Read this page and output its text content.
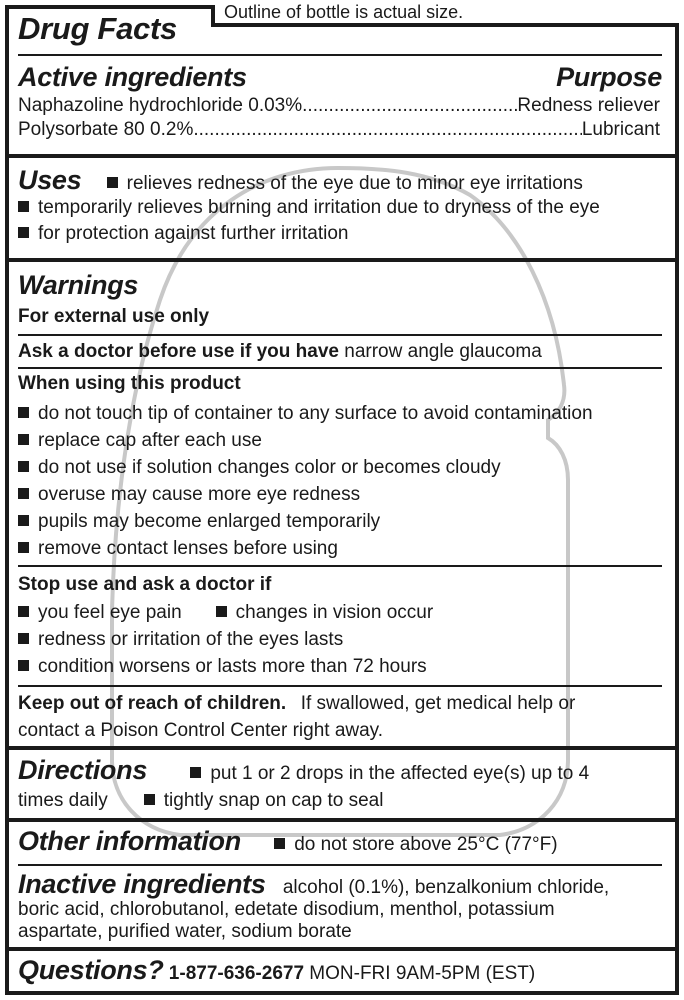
Outline of bottle is actual size.
Drug Facts
Active ingredients	Purpose
Naphazoline hydrochloride 0.03% .....	Redness reliever
Polysorbate 80 0.2% .....	Lubricant
Uses relieves redness of the eye due to minor eye irritations
temporarily relieves burning and irritation due to dryness of the eye
for protection against further irritation
Warnings
For external use only
Ask a doctor before use if you have narrow angle glaucoma
When using this product
do not touch tip of container to any surface to avoid contamination
replace cap after each use
do not use if solution changes color or becomes cloudy
overuse may cause more eye redness
pupils may become enlarged temporarily
remove contact lenses before using
Stop use and ask a doctor if
you feel eye pain	changes in vision occur
redness or irritation of the eyes lasts
condition worsens or lasts more than 72 hours
Keep out of reach of children. If swallowed, get medical help or
contact a Poison Control Center right away.
Directions	put 1 or 2 drops in the affected eye(s) up to 4
times daily	tightly snap on cap to seal
Other information	do not store above 25°C (77°F)
Inactive ingredients alcohol (0.1%), benzalkonium chloride,
boric acid, chlorobutanol, edetate disodium, menthol, potassium
aspartate, purified water, sodium borate
Questions? 1-877-636-2677 MON-FRI 9AM-5PM (EST)
